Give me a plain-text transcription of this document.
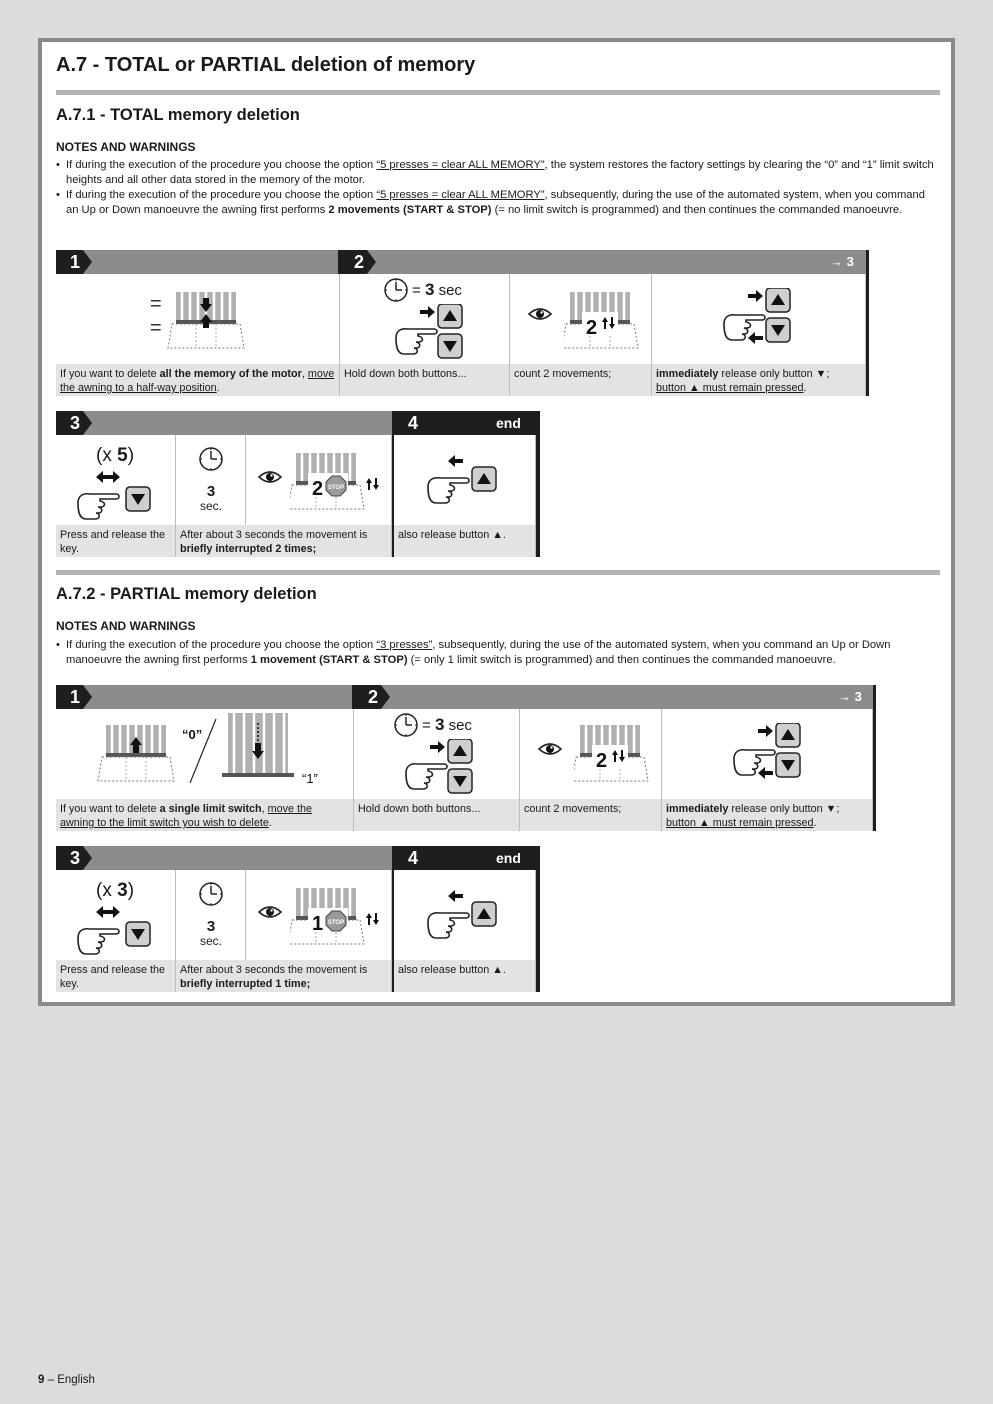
A.7 - TOTAL or PARTIAL deletion of memory
A.7.1 - TOTAL memory deletion
NOTES AND WARNINGS
• If during the execution of the procedure you choose the option “5 presses = clear ALL MEMORY”, the system restores the factory settings by clearing the “0” and “1” limit switch heights and all other data stored in the memory of the motor.
• If during the execution of the procedure you choose the option “5 presses = clear ALL MEMORY”, subsequently, during the use of the automated system, when you command an Up or Down manoeuvre the awning first performs 2 movements (START & STOP) (= no limit switch is programmed) and then continues the commanded manoeuvre.
1	2	→ 3
=
=
= 3 sec
2
If you want to delete all the memory of the motor, move the awning to a half-way position.
Hold down both buttons...	count 2 movements;	immediately release only button ▼;
button ▲ must remain pressed.
3	4	end
(x 5)
3
sec.
2
Press and release the key.
After about 3 seconds the movement is briefly interrupted 2 times;
also release button ▲.
A.7.2 - PARTIAL memory deletion
NOTES AND WARNINGS
• If during the execution of the procedure you choose the option “3 presses”, subsequently, during the use of the automated system, when you command an Up or Down manoeuvre the awning first performs 1 movement (START & STOP) (= only 1 limit switch is programmed) and then continues the commanded manoeuvre.
1	2	→ 3
“0”
“1”
= 3 sec
2
If you want to delete a single limit switch, move the awning to the limit switch you wish to delete.
Hold down both buttons...	count 2 movements;	immediately release only button ▼;
button ▲ must remain pressed.
3	4	end
(x 3)
3
sec.
1
Press and release the key.
After about 3 seconds the movement is briefly interrupted 1 time;
also release button ▲.
9 – English
